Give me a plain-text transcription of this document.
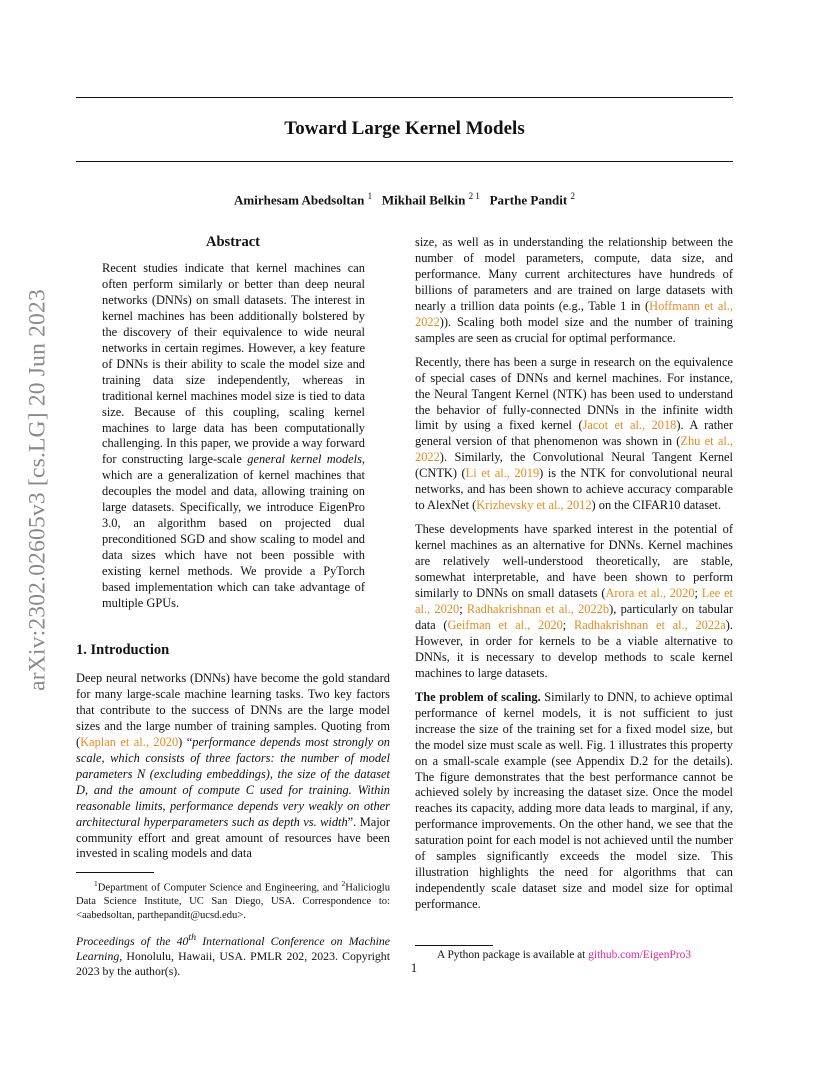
Toward Large Kernel Models
Amirhesam Abedsoltan $^1$ Mikhail Belkin $^{2 1}$ Parthe Pandit $^2$
arXiv:2302.02605v3 [cs.LG] 20 Jun 2023
Abstract

Recent studies indicate that kernel machines can often perform similarly or better than deep neural networks (DNNs) on small datasets. The interest in kernel machines has been additionally bolstered by the discovery of their equivalence to wide neural networks in certain regimes. However, a key feature of DNNs is their ability to scale the model size and training data size independently, whereas in traditional kernel machines model size is tied to data size. Because of this coupling, scaling kernel machines to large data has been computationally challenging. In this paper, we provide a way forward for constructing large-scale general kernel models, which are a generalization of kernel machines that decouples the model and data, allowing training on large datasets. Specifically, we introduce EigenPro 3.0, an algorithm based on projected dual preconditioned SGD and show scaling to model and data sizes which have not been possible with existing kernel methods. We provide a PyTorch based implementation which can take advantage of multiple GPUs.

1. Introduction

Deep neural networks (DNNs) have become the gold standard for many large-scale machine learning tasks. Two key factors that contribute to the success of DNNs are the large model sizes and the large number of training samples. Quoting from (Kaplan et al., 2020) “performance depends most strongly on scale, which consists of three factors: the number of model parameters N (excluding embeddings), the size of the dataset D, and the amount of compute C used for training. Within reasonable limits, performance depends very weakly on other architectural hyperparameters such as depth vs. width”. Major community effort and great amount of resources have been invested in scaling models and data

$^1$Department of Computer Science and Engineering, and $^2$Halicioglu Data Science Institute, UC San Diego, USA. Correspondence to: <aabedsoltan, parthepandit@ucsd.edu>.
Proceedings of the 40th International Conference on Machine Learning, Honolulu, Hawaii, USA. PMLR 202, 2023. Copyright 2023 by the author(s).

size, as well as in understanding the relationship between the number of model parameters, compute, data size, and performance. Many current architectures have hundreds of billions of parameters and are trained on large datasets with nearly a trillion data points (e.g., Table 1 in (Hoffmann et al., 2022)). Scaling both model size and the number of training samples are seen as crucial for optimal performance.

Recently, there has been a surge in research on the equivalence of special cases of DNNs and kernel machines. For instance, the Neural Tangent Kernel (NTK) has been used to understand the behavior of fully-connected DNNs in the infinite width limit by using a fixed kernel (Jacot et al., 2018). A rather general version of that phenomenon was shown in (Zhu et al., 2022). Similarly, the Convolutional Neural Tangent Kernel (CNTK) (Li et al., 2019) is the NTK for convolutional neural networks, and has been shown to achieve accuracy comparable to AlexNet (Krizhevsky et al., 2012) on the CIFAR10 dataset.

These developments have sparked interest in the potential of kernel machines as an alternative for DNNs. Kernel machines are relatively well-understood theoretically, are stable, somewhat interpretable, and have been shown to perform similarly to DNNs on small datasets (Arora et al., 2020; Lee et al., 2020; Radhakrishnan et al., 2022b), particularly on tabular data (Geifman et al., 2020; Radhakrishnan et al., 2022a). However, in order for kernels to be a viable alternative to DNNs, it is necessary to develop methods to scale kernel machines to large datasets.

The problem of scaling. Similarly to DNN, to achieve optimal performance of kernel models, it is not sufficient to just increase the size of the training set for a fixed model size, but the model size must scale as well. Fig. 1 illustrates this property on a small-scale example (see Appendix D.2 for the details). The figure demonstrates that the best performance cannot be achieved solely by increasing the dataset size. Once the model reaches its capacity, adding more data leads to marginal, if any, performance improvements. On the other hand, we see that the saturation point for each model is not achieved until the number of samples significantly exceeds the model size. This illustration highlights the need for algorithms that can independently scale dataset size and model size for optimal performance.

A Python package is available at github.com/EigenPro3
1
